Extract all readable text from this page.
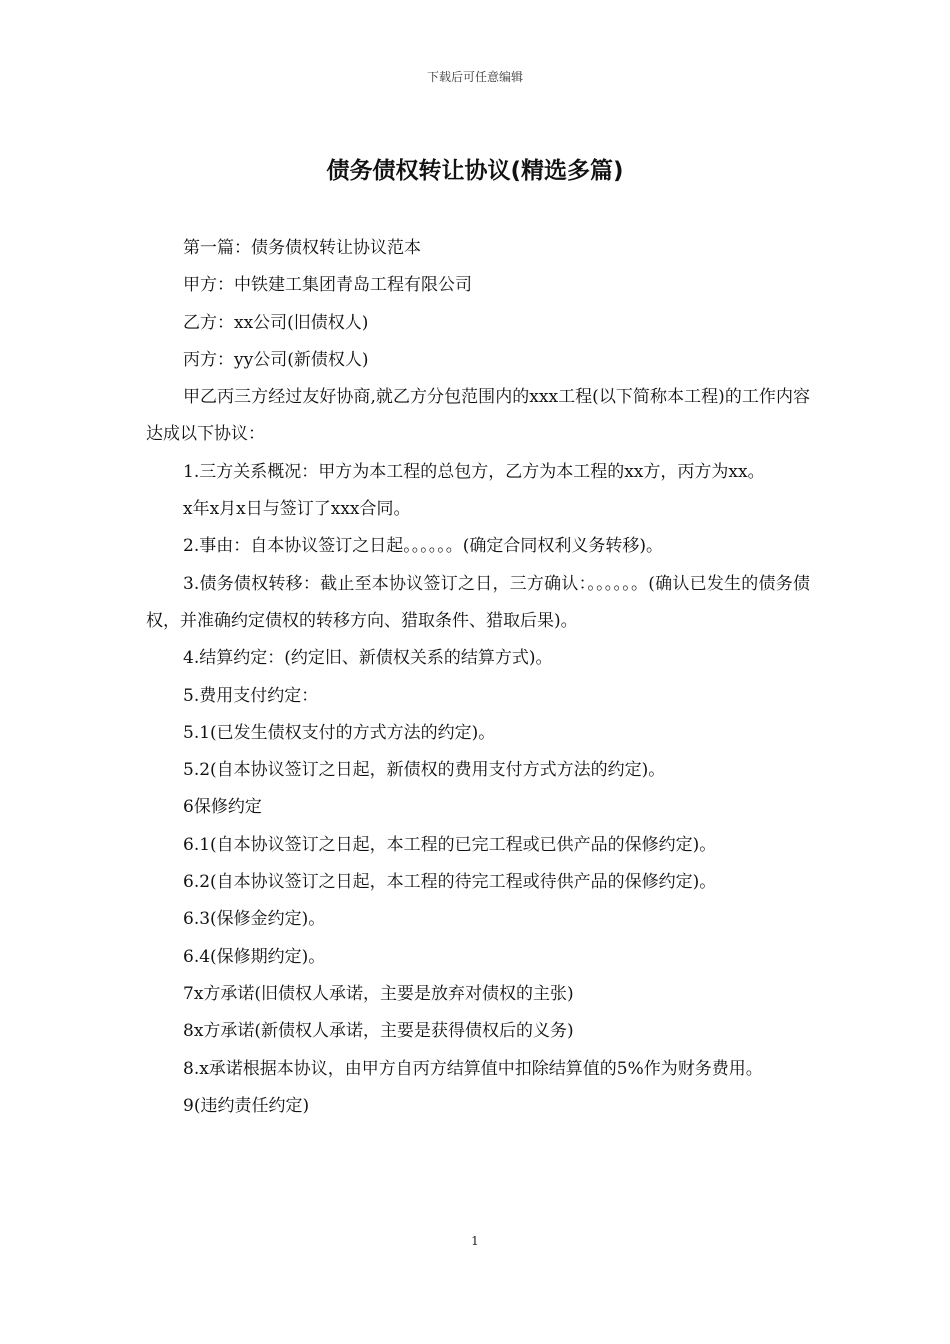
下载后可任意编辑
债务债权转让协议(精选多篇)

第一篇：债务债权转让协议范本

甲方：中铁建工集团青岛工程有限公司

乙方：xx公司(旧债权人)

丙方：yy公司(新债权人)

甲乙丙三方经过友好协商,就乙方分包范围内的xxx工程(以下简称本工程)的工作内容达成以下协议：

1.三方关系概况：甲方为本工程的总包方，乙方为本工程的xx方，丙方为xx。

x年x月x日与签订了xxx合同。

2.事由：自本协议签订之日起。。。。。。(确定合同权利义务转移)。

3.债务债权转移：截止至本协议签订之日，三方确认：。。。。。。(确认已发生的债务债权，并准确约定债权的转移方向、猎取条件、猎取后果)。

4.结算约定：(约定旧、新债权关系的结算方式)。

5.费用支付约定：

5.1(已发生债权支付的方式方法的约定)。

5.2(自本协议签订之日起，新债权的费用支付方式方法的约定)。

6保修约定

6.1(自本协议签订之日起，本工程的已完工程或已供产品的保修约定)。

6.2(自本协议签订之日起，本工程的待完工程或待供产品的保修约定)。

6.3(保修金约定)。

6.4(保修期约定)。

7x方承诺(旧债权人承诺，主要是放弃对债权的主张)

8x方承诺(新债权人承诺，主要是获得债权后的义务)

8.x承诺根据本协议，由甲方自丙方结算值中扣除结算值的5%作为财务费用。

9(违约责任约定)

1
